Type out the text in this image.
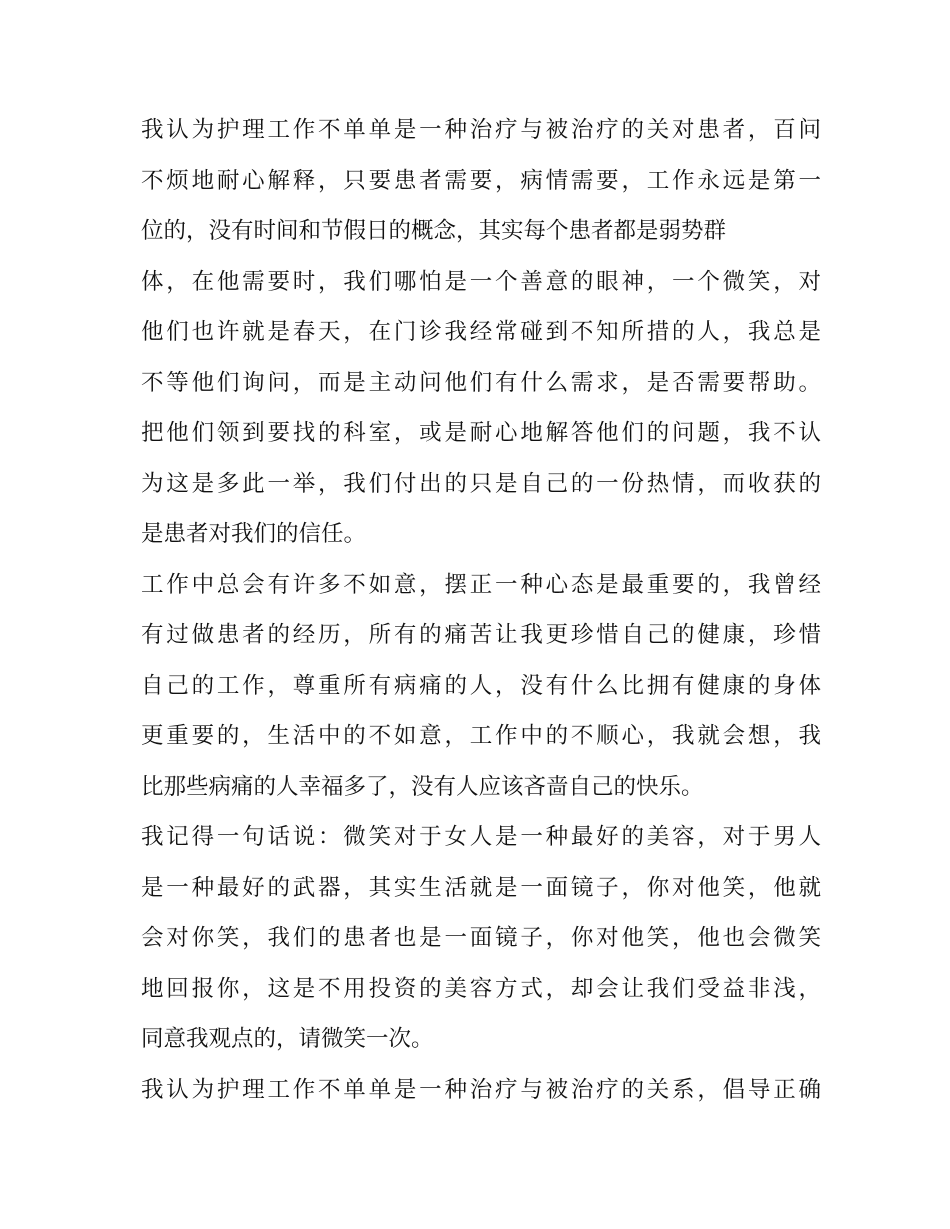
我认为护理工作不单单是一种治疗与被治疗的关对患者，百问
不烦地耐心解释，只要患者需要，病情需要，工作永远是第一
位的，没有时间和节假日的概念，其实每个患者都是弱势群
体，在他需要时，我们哪怕是一个善意的眼神，一个微笑，对
他们也许就是春天，在门诊我经常碰到不知所措的人，我总是
不等他们询问，而是主动问他们有什么需求，是否需要帮助。
把他们领到要找的科室，或是耐心地解答他们的问题，我不认
为这是多此一举，我们付出的只是自己的一份热情，而收获的
是患者对我们的信任。
工作中总会有许多不如意，摆正一种心态是最重要的，我曾经
有过做患者的经历，所有的痛苦让我更珍惜自己的健康，珍惜
自己的工作，尊重所有病痛的人，没有什么比拥有健康的身体
更重要的，生活中的不如意，工作中的不顺心，我就会想，我
比那些病痛的人幸福多了，没有人应该吝啬自己的快乐。
我记得一句话说：微笑对于女人是一种最好的美容，对于男人
是一种最好的武器，其实生活就是一面镜子，你对他笑，他就
会对你笑，我们的患者也是一面镜子，你对他笑，他也会微笑
地回报你，这是不用投资的美容方式，却会让我们受益非浅，
同意我观点的，请微笑一次。
我认为护理工作不单单是一种治疗与被治疗的关系，倡导正确
